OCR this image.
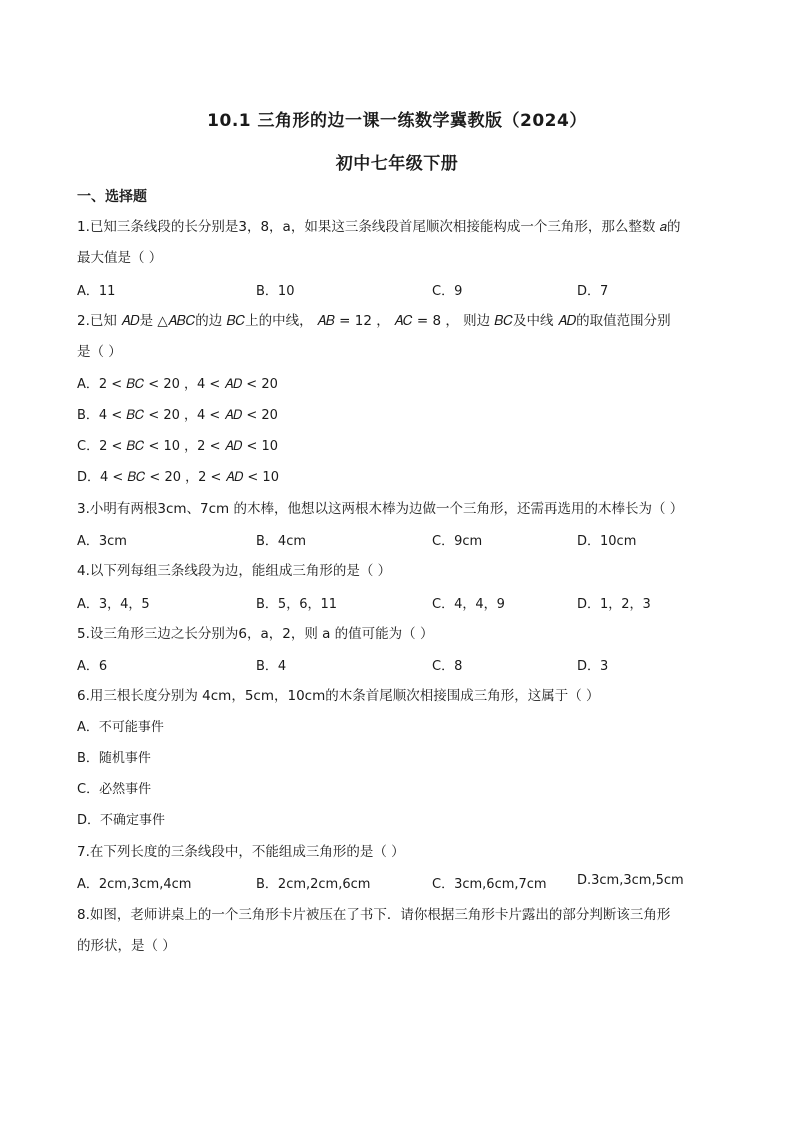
10.1 三角形的边一课一练数学冀教版（2024）
初中七年级下册
一、选择题
1.已知三条线段的长分别是3，8，a，如果这三条线段首尾顺次相接能构成一个三角形，那么整数 𝑎的
最大值是（ ）
A．11	B．10	C．9	D．7
2.已知 𝐴𝐷是 △𝐴𝐵𝐶的边 𝐵𝐶上的中线， 𝐴𝐵 = 12 ， 𝐴𝐶 = 8 ， 则边 𝐵𝐶及中线 𝐴𝐷的取值范围分别
是（ ）
A．2 < 𝐵𝐶 < 20 ，4 < 𝐴𝐷 < 20
B．4 < 𝐵𝐶 < 20 ，4 < 𝐴𝐷 < 20
C．2 < 𝐵𝐶 < 10 ，2 < 𝐴𝐷 < 10
D．4 < 𝐵𝐶 < 20 ，2 < 𝐴𝐷 < 10
3.小明有两根3cm、7cm 的木棒，他想以这两根木棒为边做一个三角形，还需再选用的木棒长为（ ）
A．3cm	B．4cm	C．9cm	D．10cm
4.以下列每组三条线段为边，能组成三角形的是（ ）
A．3，4，5	B．5，6，11	C．4，4，9	D．1，2，3
5.设三角形三边之长分别为6，a，2，则 a 的值可能为（ ）
A．6	B．4	C．8	D．3
6.用三根长度分别为 4cm，5cm，10cm的木条首尾顺次相接围成三角形，这属于（ ）
A．不可能事件
B．随机事件
C．必然事件
D．不确定事件
7.在下列长度的三条线段中，不能组成三角形的是（ ）
A．2cm,3cm,4cm	B．2cm,2cm,6cm	C．3cm,6cm,7cm D.3cm,3cm,5cm
8.如图，老师讲桌上的一个三角形卡片被压在了书下．请你根据三角形卡片露出的部分判断该三角形
的形状，是（ ）
